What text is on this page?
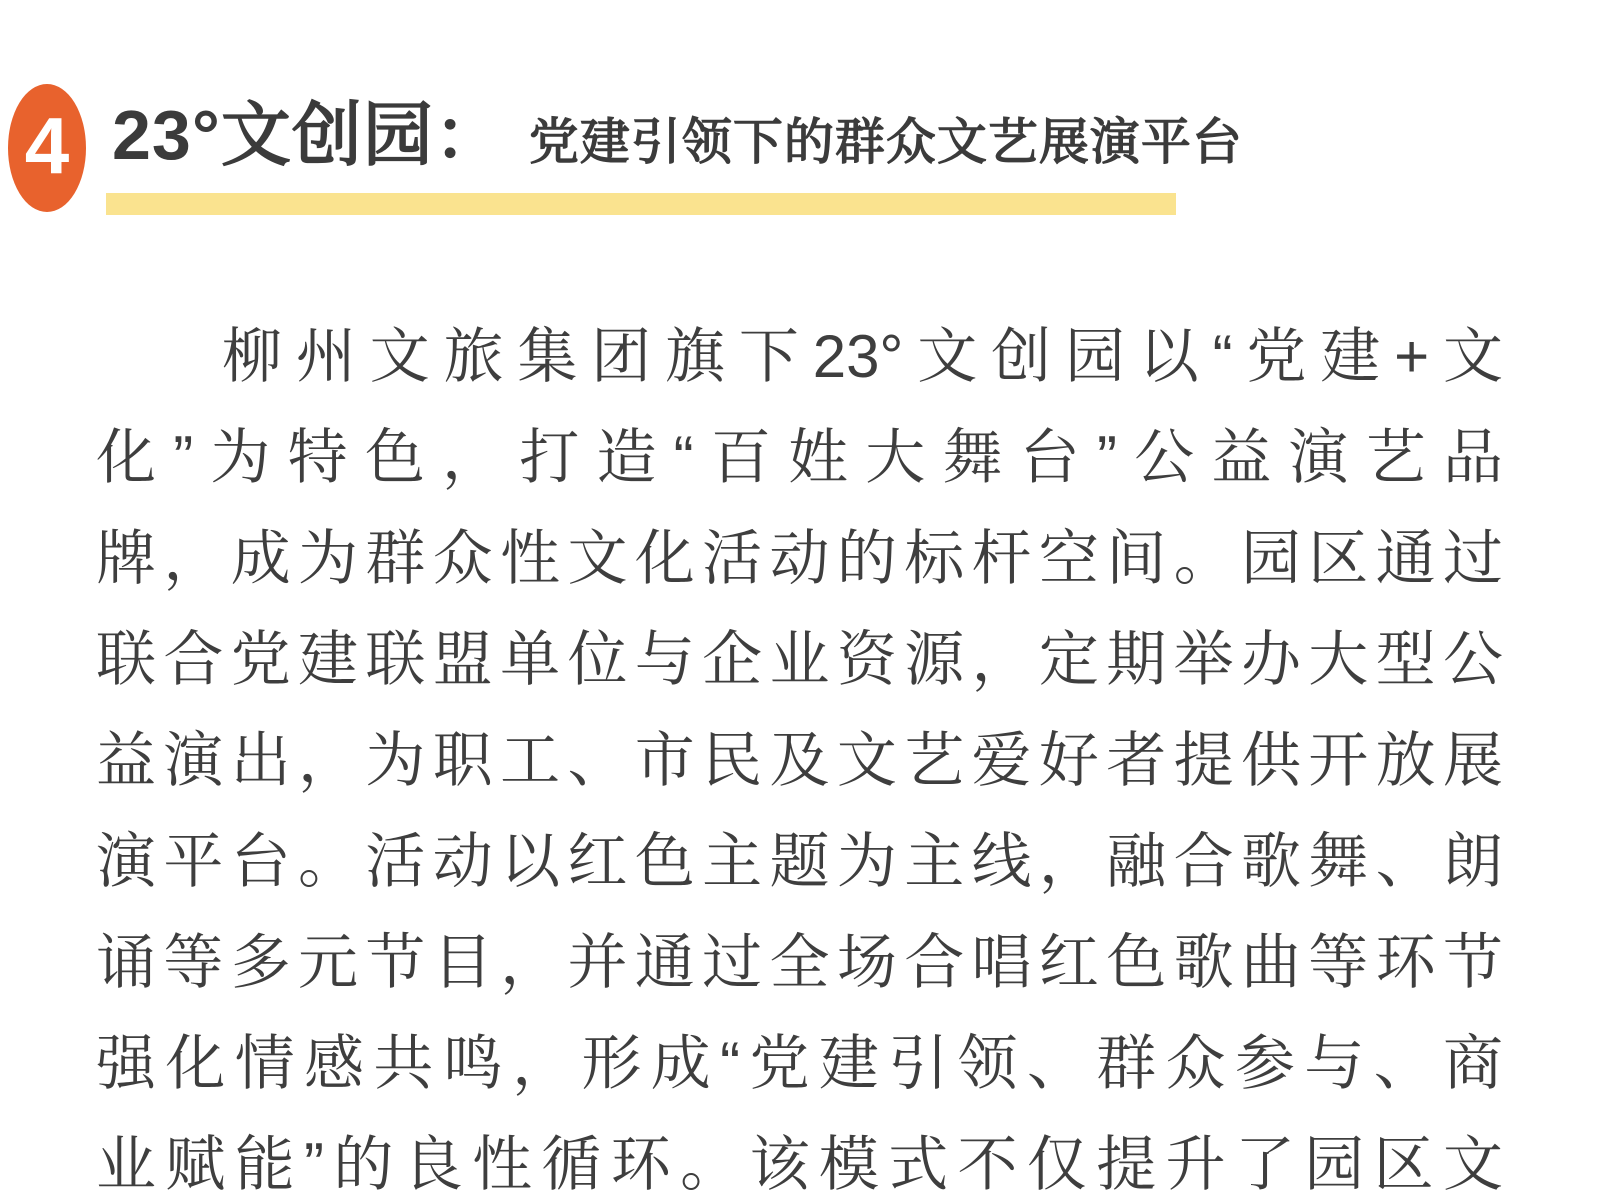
4 23°文创园： 党建引领下的群众文艺展演平台
柳州文旅集团旗下23°文创园以“党建+文
化”为特色，打造“百姓大舞台”公益演艺品
牌，成为群众性文化活动的标杆空间。园区通过
联合党建联盟单位与企业资源，定期举办大型公
益演出，为职工、市民及文艺爱好者提供开放展
演平台。活动以红色主题为主线，融合歌舞、朗
诵等多元节目，并通过全场合唱红色歌曲等环节
强化情感共鸣，形成“党建引领、群众参与、商
业赋能”的良性循环。该模式不仅提升了园区文
